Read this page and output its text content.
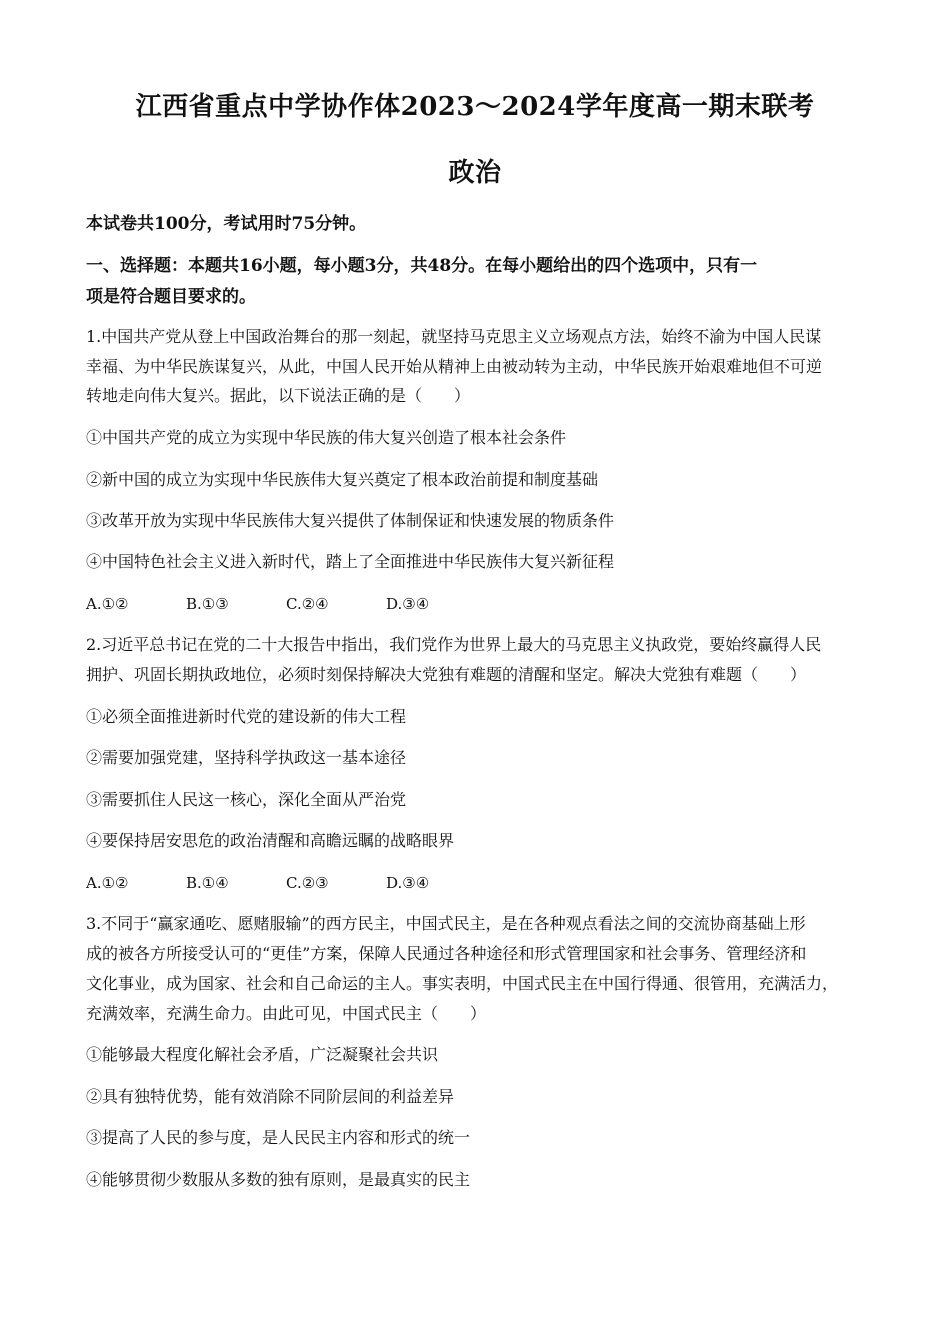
江西省重点中学协作体2023～2024学年度高一期末联考
政治
本试卷共100分，考试用时75分钟。
一、选择题：本题共16小题，每小题3分，共48分。在每小题给出的四个选项中，只有一
项是符合题目要求的。
1.中国共产党从登上中国政治舞台的那一刻起，就坚持马克思主义立场观点方法，始终不渝为中国人民谋
幸福、为中华民族谋复兴，从此，中国人民开始从精神上由被动转为主动，中华民族开始艰难地但不可逆
转地走向伟大复兴。据此，以下说法正确的是（　　）
①中国共产党的成立为实现中华民族的伟大复兴创造了根本社会条件
②新中国的成立为实现中华民族伟大复兴奠定了根本政治前提和制度基础
③改革开放为实现中华民族伟大复兴提供了体制保证和快速发展的物质条件
④中国特色社会主义进入新时代，踏上了全面推进中华民族伟大复兴新征程
A.①②	B.①③	C.②④	D.③④
2.习近平总书记在党的二十大报告中指出，我们党作为世界上最大的马克思主义执政党，要始终赢得人民
拥护、巩固长期执政地位，必须时刻保持解决大党独有难题的清醒和坚定。解决大党独有难题（　　）
①必须全面推进新时代党的建设新的伟大工程
②需要加强党建，坚持科学执政这一基本途径
③需要抓住人民这一核心，深化全面从严治党
④要保持居安思危的政治清醒和高瞻远瞩的战略眼界
A.①②	B.①④	C.②③	D.③④
3.不同于“赢家通吃、愿赌服输”的西方民主，中国式民主，是在各种观点看法之间的交流协商基础上形
成的被各方所接受认可的“更佳”方案，保障人民通过各种途径和形式管理国家和社会事务、管理经济和
文化事业，成为国家、社会和自己命运的主人。事实表明，中国式民主在中国行得通、很管用，充满活力，
充满效率，充满生命力。由此可见，中国式民主（　　）
①能够最大程度化解社会矛盾，广泛凝聚社会共识
②具有独特优势，能有效消除不同阶层间的利益差异
③提高了人民的参与度，是人民民主内容和形式的统一
④能够贯彻少数服从多数的独有原则，是最真实的民主
